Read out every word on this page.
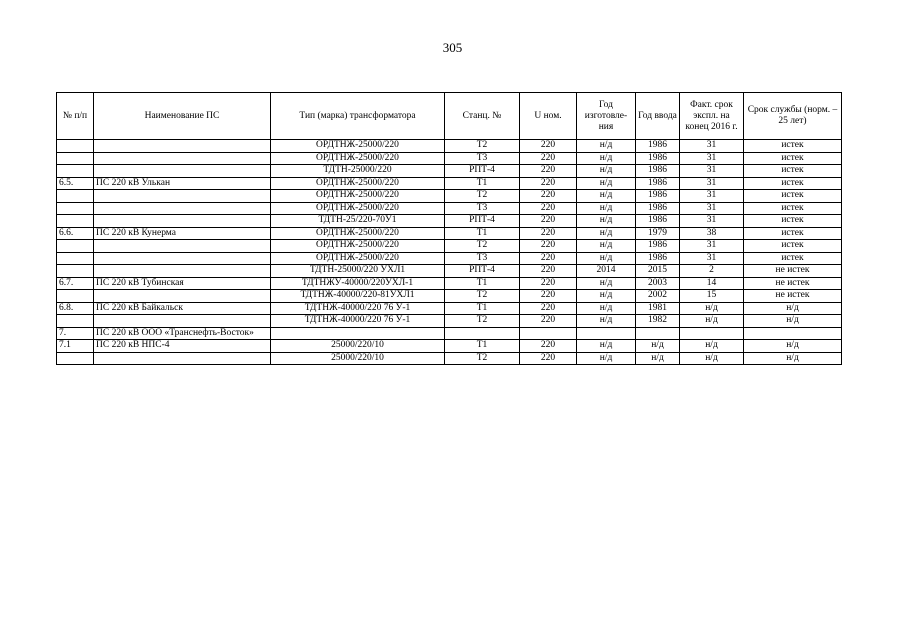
305
№ п/п	Наименование ПС	Тип (марка) трансформатора	Станц. №	U ном.	Год изготовле-ния	Год ввода	Факт. срок экспл. на конец 2016 г.	Срок службы (норм. – 25 лет)
		ОРДТНЖ-25000/220	Т2	220	н/д	1986	31	истек
		ОРДТНЖ-25000/220	Т3	220	н/д	1986	31	истек
		ТДТН-25000/220	РПТ-4	220	н/д	1986	31	истек
6.5.	ПС 220 кВ Улькан	ОРДТНЖ-25000/220	Т1	220	н/д	1986	31	истек
		ОРДТНЖ-25000/220	Т2	220	н/д	1986	31	истек
		ОРДТНЖ-25000/220	Т3	220	н/д	1986	31	истек
		ТДТН-25/220-70У1	РПТ-4	220	н/д	1986	31	истек
6.6.	ПС 220 кВ Кунерма	ОРДТНЖ-25000/220	Т1	220	н/д	1979	38	истек
		ОРДТНЖ-25000/220	Т2	220	н/д	1986	31	истек
		ОРДТНЖ-25000/220	Т3	220	н/д	1986	31	истек
		ТДТН-25000/220 УХЛ1	РПТ-4	220	2014	2015	2	не истек
6.7.	ПС 220 кВ Тубинская	ТДТНЖУ-40000/220УХЛ-1	Т1	220	н/д	2003	14	не истек
		ТДТНЖ-40000/220-81УХЛ1	Т2	220	н/д	2002	15	не истек
6.8.	ПС 220 кВ Байкальск	ТДТНЖ-40000/220 76 У-1	Т1	220	н/д	1981	н/д	н/д
		ТДТНЖ-40000/220 76 У-1	Т2	220	н/д	1982	н/д	н/д
7.	ПС 220 кВ ООО «Транснефть-Восток»							
7.1	ПС 220 кВ НПС-4	25000/220/10	Т1	220	н/д	н/д	н/д	н/д
		25000/220/10	Т2	220	н/д	н/д	н/д	н/д
